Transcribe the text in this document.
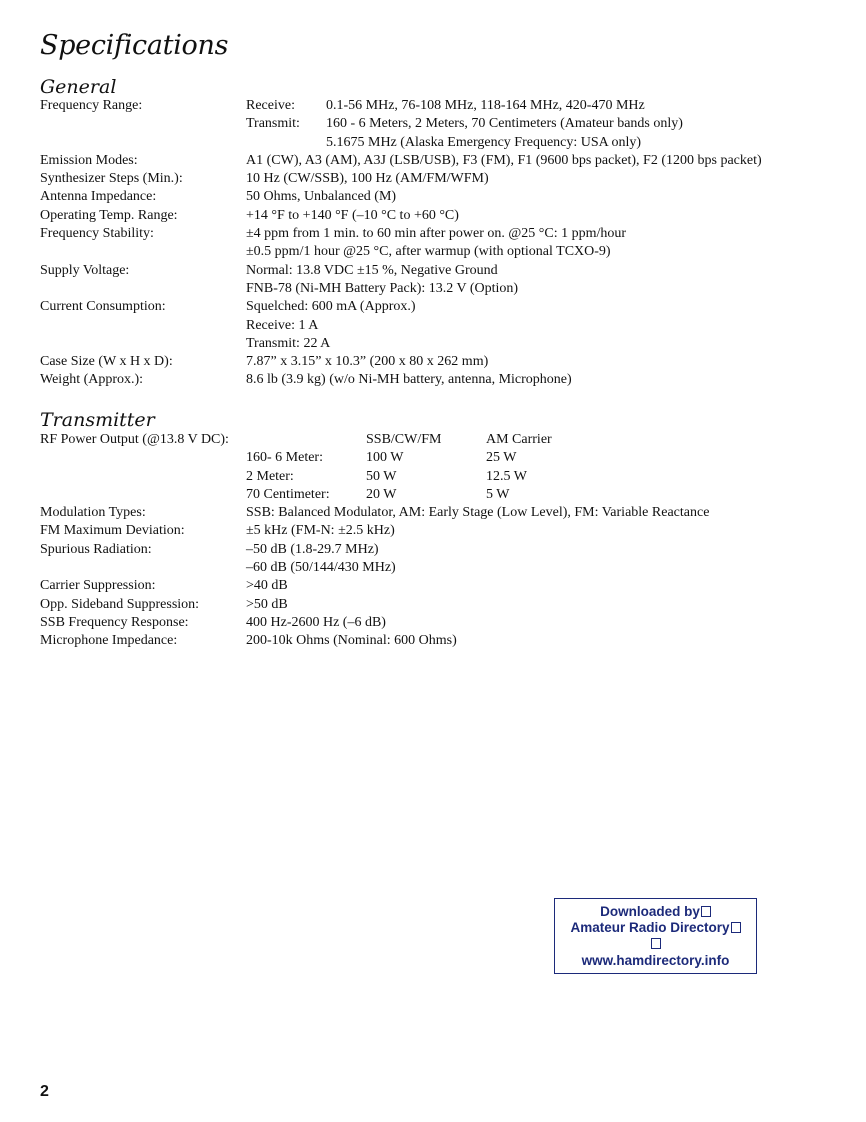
Specifications
General
Frequency Range:	Receive:	0.1-56 MHz, 76-108 MHz, 118-164 MHz, 420-470 MHz
Transmit:	160 - 6 Meters, 2 Meters, 70 Centimeters (Amateur bands only)
5.1675 MHz (Alaska Emergency Frequency: USA only)
Emission Modes:	A1 (CW), A3 (AM), A3J (LSB/USB), F3 (FM), F1 (9600 bps packet), F2 (1200 bps packet)
Synthesizer Steps (Min.):	10 Hz (CW/SSB), 100 Hz (AM/FM/WFM)
Antenna Impedance:	50 Ohms, Unbalanced (M)
Operating Temp. Range:	+14 °F to +140 °F (–10 °C to +60 °C)
Frequency Stability:	±4 ppm from 1 min. to 60 min after power on. @25 °C: 1 ppm/hour
±0.5 ppm/1 hour @25 °C, after warmup (with optional TCXO-9)
Supply Voltage:	Normal: 13.8 VDC ±15 %, Negative Ground
FNB-78 (Ni-MH Battery Pack): 13.2 V (Option)
Current Consumption:	Squelched: 600 mA (Approx.)
Receive: 1 A
Transmit: 22 A
Case Size (W x H x D):	7.87” x 3.15” x 10.3” (200 x 80 x 262 mm)
Weight (Approx.):	8.6 lb (3.9 kg) (w/o Ni-MH battery, antenna, Microphone)
Transmitter
RF Power Output (@13.8 V DC):	SSB/CW/FM	AM Carrier
160- 6 Meter:	100 W	25 W
2 Meter:	50 W	12.5 W
70 Centimeter:	20 W	5 W
Modulation Types:	SSB: Balanced Modulator, AM: Early Stage (Low Level), FM: Variable Reactance
FM Maximum Deviation:	±5 kHz (FM-N: ±2.5 kHz)
Spurious Radiation:	–50 dB (1.8-29.7 MHz)
–60 dB (50/144/430 MHz)
Carrier Suppression:	>40 dB
Opp. Sideband Suppression:	>50 dB
SSB Frequency Response:	400 Hz-2600 Hz (–6 dB)
Microphone Impedance:	200-10k Ohms (Nominal: 600 Ohms)
Downloaded by
Amateur Radio Directory

www.hamdirectory.info
2
